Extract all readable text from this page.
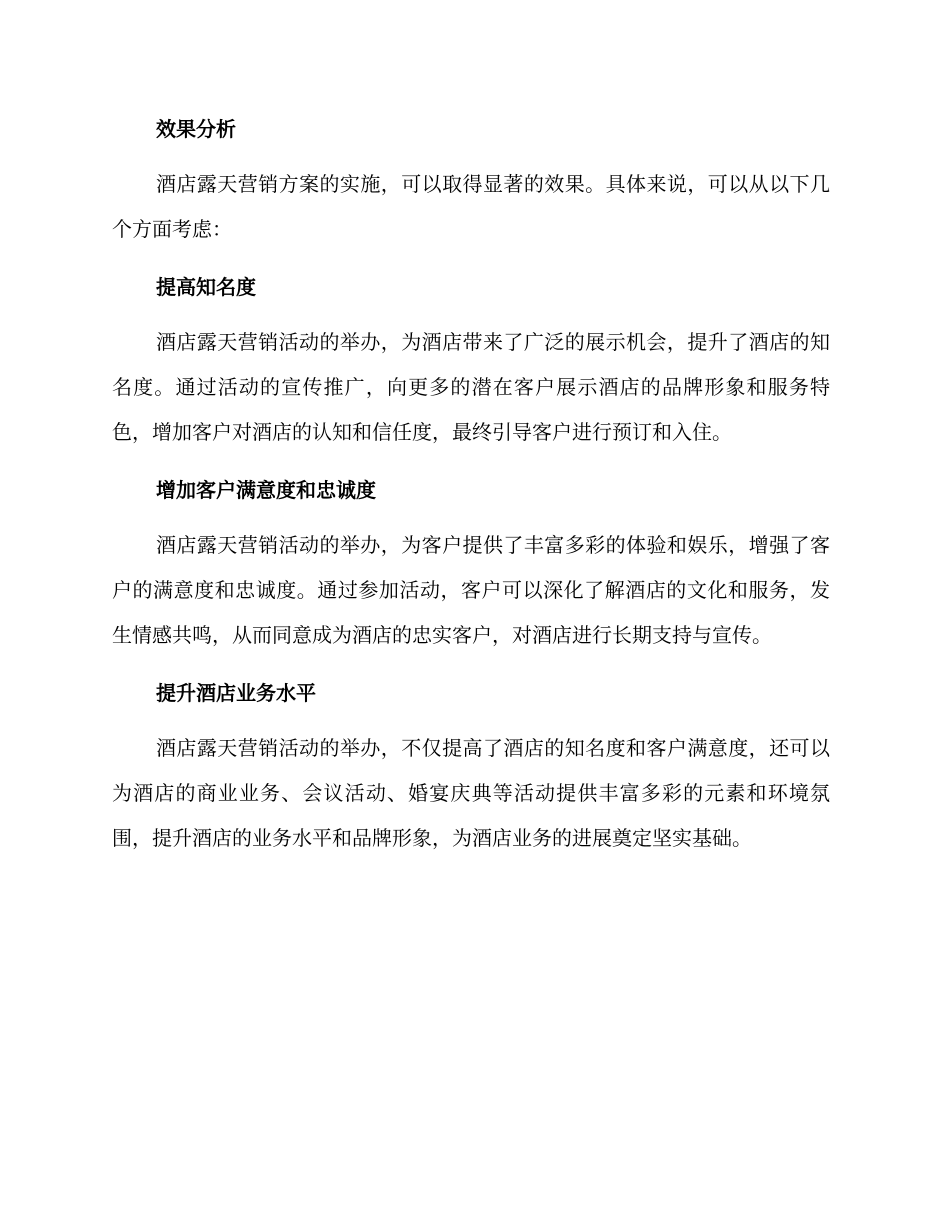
效果分析

酒店露天营销方案的实施，可以取得显著的效果。具体来说，可以从以下几个方面考虑：

提高知名度

酒店露天营销活动的举办，为酒店带来了广泛的展示机会，提升了酒店的知名度。通过活动的宣传推广，向更多的潜在客户展示酒店的品牌形象和服务特色，增加客户对酒店的认知和信任度，最终引导客户进行预订和入住。

增加客户满意度和忠诚度

酒店露天营销活动的举办，为客户提供了丰富多彩的体验和娱乐，增强了客户的满意度和忠诚度。通过参加活动，客户可以深化了解酒店的文化和服务，发生情感共鸣，从而同意成为酒店的忠实客户，对酒店进行长期支持与宣传。

提升酒店业务水平

酒店露天营销活动的举办，不仅提高了酒店的知名度和客户满意度，还可以为酒店的商业业务、会议活动、婚宴庆典等活动提供丰富多彩的元素和环境氛围，提升酒店的业务水平和品牌形象，为酒店业务的进展奠定坚实基础。
